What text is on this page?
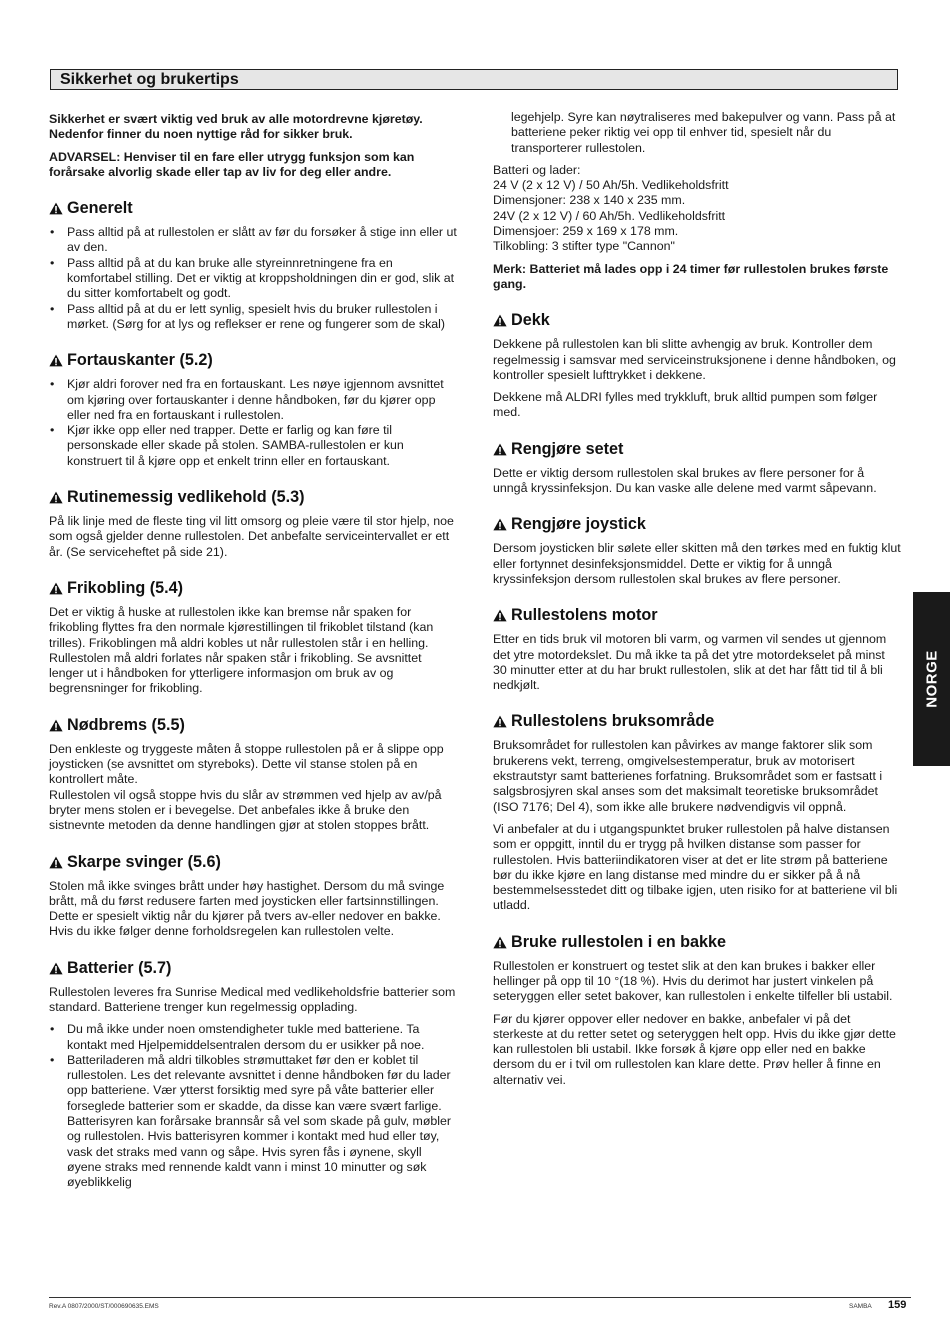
Sikkerhet og brukertips

Sikkerhet er svært viktig ved bruk av alle motordrevne kjøretøy. Nedenfor finner du noen nyttige råd for sikker bruk.

ADVARSEL: Henviser til en fare eller utrygg funksjon som kan forårsake alvorlig skade eller tap av liv for deg eller andre.

Generelt
• Pass alltid på at rullestolen er slått av før du forsøker å stige inn eller ut av den.
• Pass alltid på at du kan bruke alle styreinnretningene fra en komfortabel stilling. Det er viktig at kroppsholdningen din er god, slik at du sitter komfortabelt og godt.
• Pass alltid på at du er lett synlig, spesielt hvis du bruker rullestolen i mørket. (Sørg for at lys og reflekser er rene og fungerer som de skal)
Fortauskanter (5.2)
• Kjør aldri forover ned fra en fortauskant. Les nøye igjennom avsnittet om kjøring over fortauskanter i denne håndboken, før du kjører opp eller ned fra en fortauskant i rullestolen.
• Kjør ikke opp eller ned trapper. Dette er farlig og kan føre til personskade eller skade på stolen. SAMBA-rullestolen er kun konstruert til å kjøre opp et enkelt trinn eller en fortauskant.
Rutinemessig vedlikehold (5.3)

På lik linje med de fleste ting vil litt omsorg og pleie være til stor hjelp, noe som også gjelder denne rullestolen. Det anbefalte serviceintervallet er ett år. (Se serviceheftet på side 21).

Frikobling (5.4)

Det er viktig å huske at rullestolen ikke kan bremse når spaken for frikobling flyttes fra den normale kjørestillingen til frikoblet tilstand (kan trilles). Frikoblingen må aldri kobles ut når rullestolen står i en helling. Rullestolen må aldri forlates når spaken står i frikobling. Se avsnittet lenger ut i håndboken for ytterligere informasjon om bruk av og begrensninger for frikobling.

Nødbrems (5.5)

Den enkleste og tryggeste måten å stoppe rullestolen på er å slippe opp joysticken (se avsnittet om styreboks). Dette vil stanse stolen på en kontrollert måte.

Rullestolen vil også stoppe hvis du slår av strømmen ved hjelp av av/på bryter mens stolen er i bevegelse. Det anbefales ikke å bruke den sistnevnte metoden da denne handlingen gjør at stolen stoppes brått.

Skarpe svinger (5.6)

Stolen må ikke svinges brått under høy hastighet. Dersom du må svinge brått, må du først redusere farten med joysticken eller fartsinnstillingen. Dette er spesielt viktig når du kjører på tvers av-eller nedover en bakke. Hvis du ikke følger denne forholdsregelen kan rullestolen velte.

Batterier (5.7)

Rullestolen leveres fra Sunrise Medical med vedlikeholdsfrie batterier som standard. Batteriene trenger kun regelmessig opplading.

• Du må ikke under noen omstendigheter tukle med batteriene. Ta kontakt med Hjelpemiddelsentralen dersom du er usikker på noe.
• Batteriladeren må aldri tilkobles strømuttaket før den er koblet til rullestolen. Les det relevante avsnittet i denne håndboken før du lader opp batteriene. Vær ytterst forsiktig med syre på våte batterier eller forseglede batterier som er skadde, da disse kan være svært farlige. Batterisyren kan forårsake brannsår så vel som skade på gulv, møbler og rullestolen. Hvis batterisyren kommer i kontakt med hud eller tøy, vask det straks med vann og såpe. Hvis syren fås i øynene, skyll øyene straks med rennende kaldt vann i minst 10 minutter og søk øyeblikkelig

legehjelp. Syre kan nøytraliseres med bakepulver og vann. Pass på at batteriene peker riktig vei opp til enhver tid, spesielt når du transporterer rullestolen.

Batteri og lader:
24 V (2 x 12 V) / 50 Ah/5h. Vedlikeholdsfritt
Dimensjoner: 238 x 140 x 235 mm.
24V (2 x 12 V) / 60 Ah/5h. Vedlikeholdsfritt
Dimensjoer: 259 x 169 x 178 mm.
Tilkobling: 3 stifter type "Cannon"

Merk: Batteriet må lades opp i 24 timer før rullestolen brukes første gang.

Dekk

Dekkene på rullestolen kan bli slitte avhengig av bruk. Kontroller dem regelmessig i samsvar med serviceinstruksjonene i denne håndboken, og kontroller spesielt lufttrykket i dekkene.

Dekkene må ALDRI fylles med trykkluft, bruk alltid pumpen som følger med.

Rengjøre setet

Dette er viktig dersom rullestolen skal brukes av flere personer for å unngå kryssinfeksjon. Du kan vaske alle delene med varmt såpevann.

Rengjøre joystick

Dersom joysticken blir sølete eller skitten må den tørkes med en fuktig klut eller fortynnet desinfeksjonsmiddel. Dette er viktig for å unngå kryssinfeksjon dersom rullestolen skal brukes av flere personer.

Rullestolens motor

Etter en tids bruk vil motoren bli varm, og varmen vil sendes ut gjennom det ytre motordekslet. Du må ikke ta på det ytre motordekselet på minst 30 minutter etter at du har brukt rullestolen, slik at det har fått tid til å bli nedkjølt.

Rullestolens bruksområde

Bruksområdet for rullestolen kan påvirkes av mange faktorer slik som brukerens vekt, terreng, omgivelsestemperatur, bruk av motorisert ekstrautstyr samt batterienes forfatning. Bruksområdet som er fastsatt i salgsbrosjyren skal anses som det maksimalt teoretiske bruksområdet (ISO 7176; Del 4), som ikke alle brukere nødvendigvis vil oppnå.

Vi anbefaler at du i utgangspunktet bruker rullestolen på halve distansen som er oppgitt, inntil du er trygg på hvilken distanse som passer for rullestolen. Hvis batteriindikatoren viser at det er lite strøm på batteriene bør du ikke kjøre en lang distanse med mindre du er sikker på å nå bestemmelsesstedet ditt og tilbake igjen, uten risiko for at batteriene vil bli utladd.

Bruke rullestolen i en bakke

Rullestolen er konstruert og testet slik at den kan brukes i bakker eller hellinger på opp til 10 °(18 %). Hvis du derimot har justert vinkelen på seteryggen eller setet bakover, kan rullestolen i enkelte tilfeller bli ustabil.

Før du kjører oppover eller nedover en bakke, anbefaler vi på det sterkeste at du retter setet og seteryggen helt opp. Hvis du ikke gjør dette kan rullestolen bli ustabil. Ikke forsøk å kjøre opp eller ned en bakke dersom du er i tvil om rullestolen kan klare dette. Prøv heller å finne en alternativ vei.

NORGE
Rev.A 0807/2000/ST/000690635.EMS	SAMBA 159
